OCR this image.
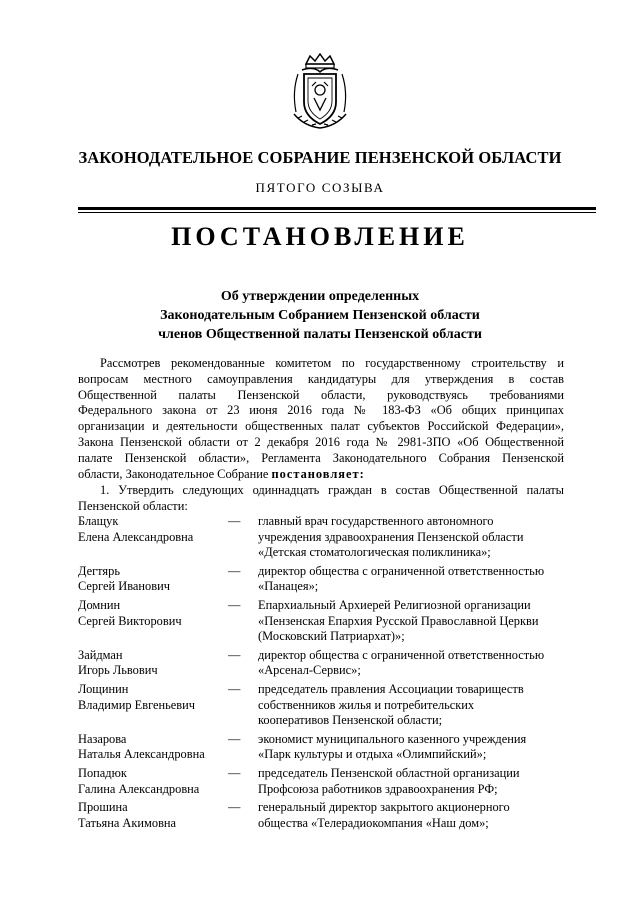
ЗАКОНОДАТЕЛЬНОЕ СОБРАНИЕ ПЕНЗЕНСКОЙ ОБЛАСТИ
ПЯТОГО СОЗЫВА
ПОСТАНОВЛЕНИЕ
Об утверждении определенных
Законодательным Собранием Пензенской области
членов Общественной палаты Пензенской области
Рассмотрев рекомендованные комитетом по государственному строительству и
вопросам местного самоуправления кандидатуры для утверждения в состав
Общественной палаты Пензенской области, руководствуясь требованиями
Федерального закона от 23 июня 2016 года № 183-ФЗ «Об общих принципах
организации и деятельности общественных палат субъектов Российской Федерации»,
Закона Пензенской области от 2 декабря 2016 года № 2981-ЗПО «Об Общественной
палате Пензенской области», Регламента Законодательного Собрания Пензенской
области, Законодательное Собрание постановляет:
1. Утвердить следующих одиннадцать граждан в состав Общественной палаты
Пензенской области:
Блащук
Елена Александровна
—	главный врач государственного автономного
учреждения здравоохранения Пензенской области
«Детская стоматологическая поликлиника»;
Дегтярь
Сергей Иванович
—	директор общества с ограниченной ответственностью
«Панацея»;
Домнин
Сергей Викторович
—	Епархиальный Архиерей Религиозной организации
«Пензенская Епархия Русской Православной Церкви
(Московский Патриархат)»;
Зайдман
Игорь Львович
—	директор общества с ограниченной ответственностью
«Арсенал-Сервис»;
Лощинин
Владимир Евгеньевич
—	председатель правления Ассоциации товариществ
собственников жилья и потребительских
кооперативов Пензенской области;
Назарова
Наталья Александровна
—	экономист муниципального казенного учреждения
«Парк культуры и отдыха «Олимпийский»;
Попадюк
Галина Александровна
—	председатель Пензенской областной организации
Профсоюза работников здравоохранения РФ;
Прошина
Татьяна Акимовна
—	генеральный директор закрытого акционерного
общества «Телерадиокомпания «Наш дом»;
